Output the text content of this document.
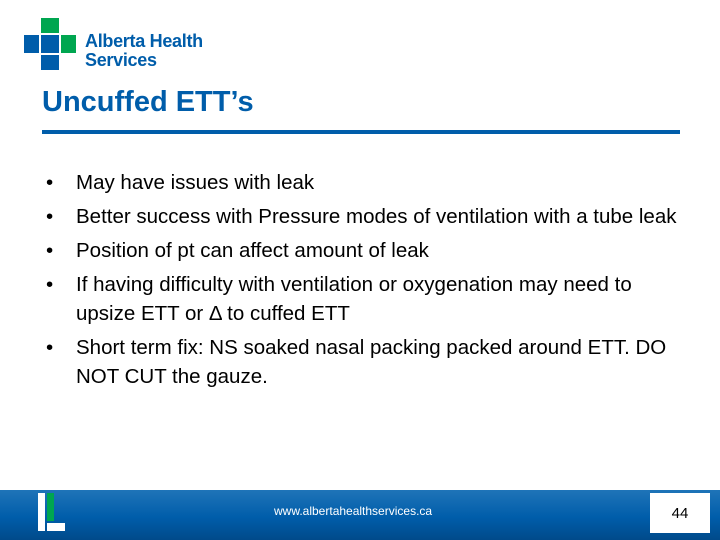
Alberta Health
Services
Uncuffed ETT’s
• May have issues with leak
• Better success with Pressure modes of ventilation with a tube leak
• Position of pt can affect amount of leak
• If having difficulty with ventilation or oxygenation may need to upsize ETT or Δ to cuffed ETT
• Short term fix: NS soaked nasal packing packed around ETT. DO NOT CUT the gauze.
www.albertahealthservices.ca	44
